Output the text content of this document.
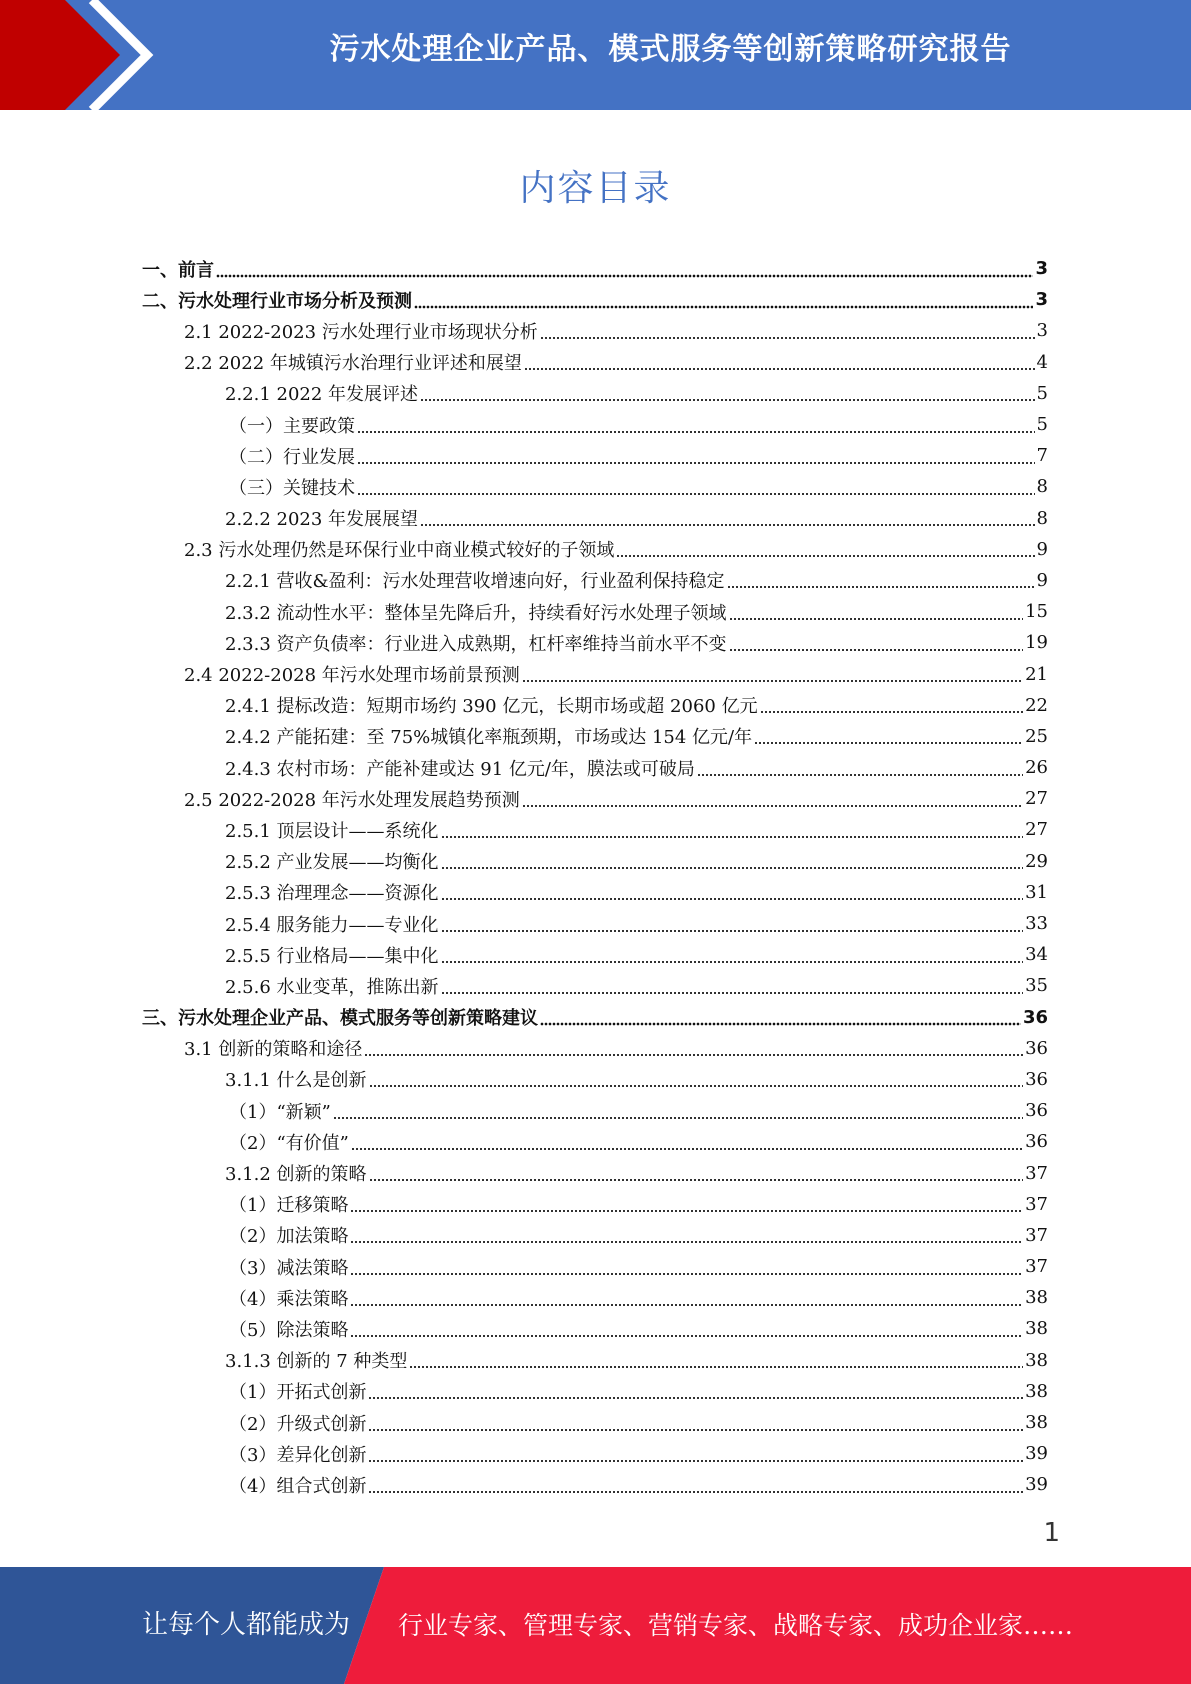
污水处理企业产品、模式服务等创新策略研究报告
内容目录
一、前言	3
二、污水处理行业市场分析及预测	3
2.1 2022-2023 污水处理行业市场现状分析	3
2.2 2022 年城镇污水治理行业评述和展望	4
2.2.1 2022 年发展评述	5
（一）主要政策	5
（二）行业发展	7
（三）关键技术	8
2.2.2 2023 年发展展望	8
2.3 污水处理仍然是环保行业中商业模式较好的子领域	9
2.2.1 营收&盈利：污水处理营收增速向好，行业盈利保持稳定	9
2.3.2 流动性水平：整体呈先降后升，持续看好污水处理子领域	15
2.3.3 资产负债率：行业进入成熟期，杠杆率维持当前水平不变	19
2.4 2022-2028 年污水处理市场前景预测	21
2.4.1 提标改造：短期市场约 390 亿元，长期市场或超 2060 亿元	22
2.4.2 产能拓建：至 75%城镇化率瓶颈期，市场或达 154 亿元/年	25
2.4.3 农村市场：产能补建或达 91 亿元/年，膜法或可破局	26
2.5 2022-2028 年污水处理发展趋势预测	27
2.5.1 顶层设计——系统化	27
2.5.2 产业发展——均衡化	29
2.5.3 治理理念——资源化	31
2.5.4 服务能力——专业化	33
2.5.5 行业格局——集中化	34
2.5.6 水业变革，推陈出新	35
三、污水处理企业产品、模式服务等创新策略建议	36
3.1 创新的策略和途径	36
3.1.1 什么是创新	36
（1）“新颖”	36
（2）“有价值”	36
3.1.2 创新的策略	37
（1）迁移策略	37
（2）加法策略	37
（3）减法策略	37
（4）乘法策略	38
（5）除法策略	38
3.1.3 创新的 7 种类型	38
（1）开拓式创新	38
（2）升级式创新	38
（3）差异化创新	39
（4）组合式创新	39
1
让每个人都能成为 行业专家、管理专家、营销专家、战略专家、成功企业家……
